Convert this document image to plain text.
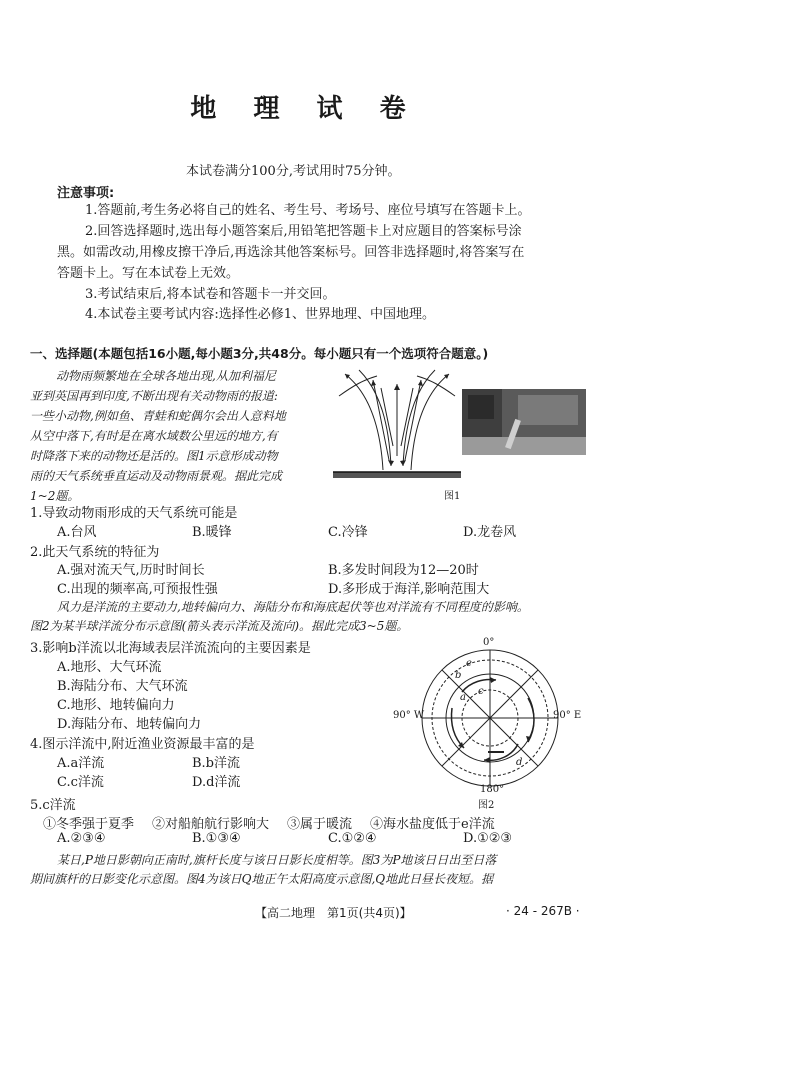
地 理 试 卷
本试卷满分100分,考试用时75分钟。
注意事项:
1.答题前,考生务必将自己的姓名、考生号、考场号、座位号填写在答题卡上。
2.回答选择题时,选出每小题答案后,用铅笔把答题卡上对应题目的答案标号涂
黑。如需改动,用橡皮擦干净后,再选涂其他答案标号。回答非选择题时,将答案写在
答题卡上。写在本试卷上无效。
3.考试结束后,将本试卷和答题卡一并交回。
4.本试卷主要考试内容:选择性必修1、世界地理、中国地理。
一、选择题(本题包括16小题,每小题3分,共48分。每小题只有一个选项符合题意。)
动物雨频繁地在全球各地出现,从加利福尼
亚到英国再到印度,不断出现有关动物雨的报道:
一些小动物,例如鱼、青蛙和蛇偶尔会出人意料地
从空中落下,有时是在离水域数公里远的地方,有
时降落下来的动物还是活的。图1示意形成动物
雨的天气系统垂直运动及动物雨景观。据此完成
1~2题。	图1
1.导致动物雨形成的天气系统可能是
A.台风	B.暖锋	C.冷锋	D.龙卷风
2.此天气系统的特征为
A.强对流天气,历时时间长	B.多发时间段为12—20时
C.出现的频率高,可预报性强	D.多形成于海洋,影响范围大
风力是洋流的主要动力,地转偏向力、海陆分布和海底起伏等也对洋流有不同程度的影响。
图2为某半球洋流分布示意图(箭头表示洋流及流向)。据此完成3~5题。
3.影响b洋流以北海域表层洋流流向的主要因素是
A.地形、大气环流
B.海陆分布、大气环流
C.地形、地转偏向力
D.海陆分布、地转偏向力
4.图示洋流中,附近渔业资源最丰富的是
A.a洋流	B.b洋流
C.c洋流	D.d洋流
0°
180°
90° W	90° E
a
b
c
d
e
图2
5.c洋流
①冬季强于夏季 ②对船舶航行影响大 ③属于暖流 ④海水盐度低于e洋流
A.②③④	B.①③④	C.①②④	D.①②③
某日,P地日影朝向正南时,旗杆长度与该日日影长度相等。图3为P地该日日出至日落
期间旗杆的日影变化示意图。图4为该日Q地正午太阳高度示意图,Q地此日昼长夜短。据
【高二地理　第1页(共4页)】	· 24 - 267B ·
